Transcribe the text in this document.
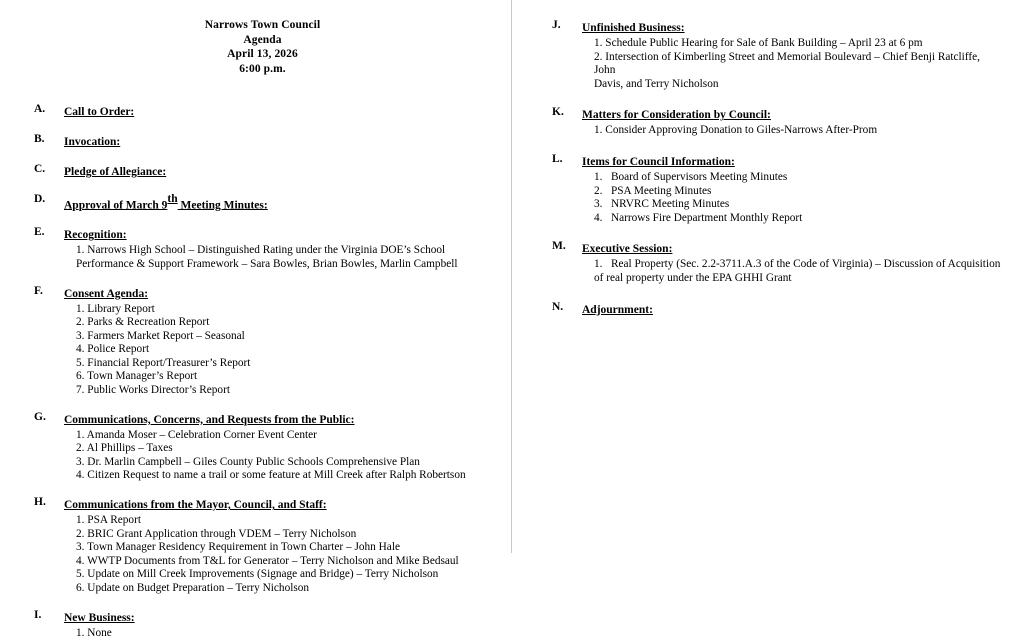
Narrows Town Council
Agenda
April 13, 2026
6:00 p.m.
A.	Call to Order:
B.	Invocation:
C.	Pledge of Allegiance:
D.
Approval of March 9th Meeting Minutes:
E.	Recognition:
1. Narrows High School – Distinguished Rating under the Virginia DOE’s School
Performance & Support Framework – Sara Bowles, Brian Bowles, Marlin Campbell
F.	Consent Agenda:
1. Library Report
2. Parks & Recreation Report
3. Farmers Market Report – Seasonal
4. Police Report
5. Financial Report/Treasurer’s Report
6. Town Manager’s Report
7. Public Works Director’s Report
G.	Communications, Concerns, and Requests from the Public:
1. Amanda Moser – Celebration Corner Event Center
2. Al Phillips – Taxes
3. Dr. Marlin Campbell – Giles County Public Schools Comprehensive Plan
4. Citizen Request to name a trail or some feature at Mill Creek after Ralph Robertson
H.	Communications from the Mayor, Council, and Staff:
1. PSA Report
2. BRIC Grant Application through VDEM – Terry Nicholson
3. Town Manager Residency Requirement in Town Charter – John Hale
4. WWTP Documents from T&L for Generator – Terry Nicholson and Mike Bedsaul
5. Update on Mill Creek Improvements (Signage and Bridge) – Terry Nicholson
6. Update on Budget Preparation – Terry Nicholson
I.	New Business:
1. None
J.	Unfinished Business:
1. Schedule Public Hearing for Sale of Bank Building – April 23 at 6 pm
2. Intersection of Kimberling Street and Memorial Boulevard – Chief Benji Ratcliffe, John
Davis, and Terry Nicholson
K.	Matters for Consideration by Council:
1. Consider Approving Donation to Giles-Narrows After-Prom
L.	Items for Council Information:
1.   Board of Supervisors Meeting Minutes
2.   PSA Meeting Minutes
3.   NRVRC Meeting Minutes
4.   Narrows Fire Department Monthly Report
M.	Executive Session:
1.   Real Property (Sec. 2.2-3711.A.3 of the Code of Virginia) – Discussion of Acquisition
of real property under the EPA GHHI Grant
N.	Adjournment:
